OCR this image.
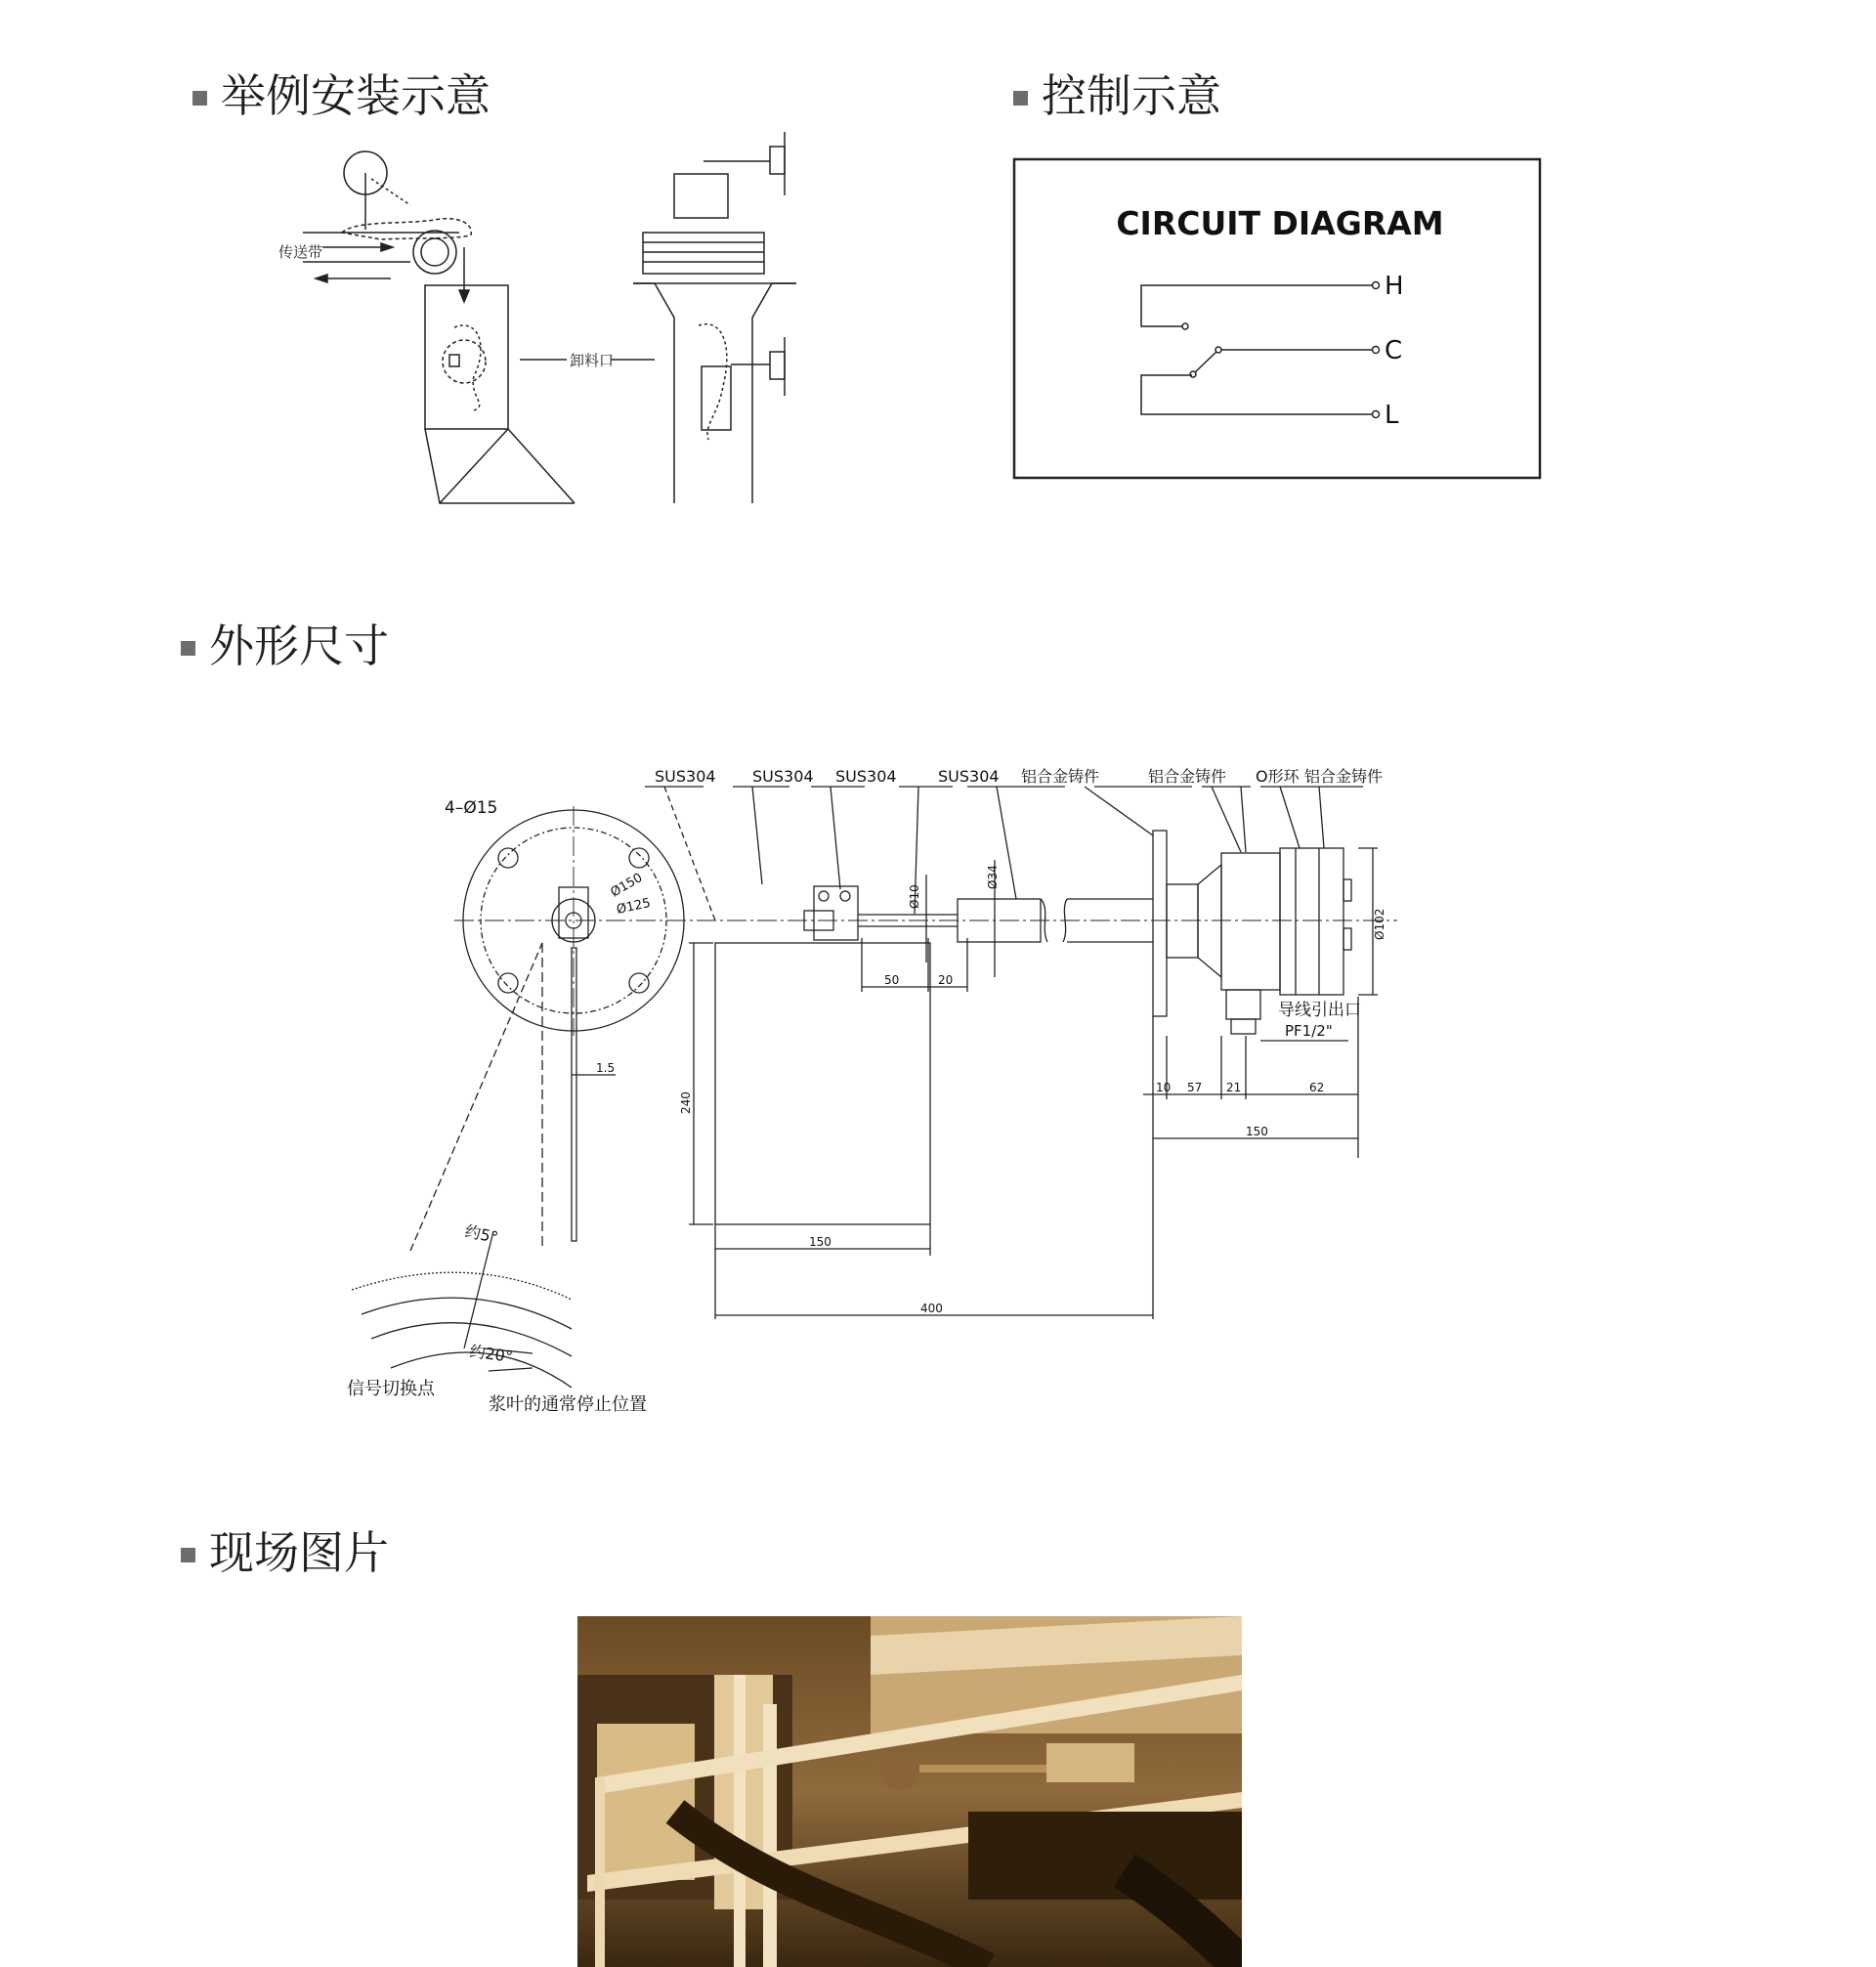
举例安装示意	控制示意
外形尺寸
现场图片
传送带
卸料口
CIRCUIT DIAGRAM
H
C
L
4–Ø15
Ø150
Ø125
SUS304 SUS304 SUS304	SUS304 铝合金铸件	铝合金铸件 O形环 铝合金铸件
Ø10
Ø34
Ø102
导线引出口
PF1/2"
1.5
50	20
240
150
400
10 57 21	62
150
约5°
约20°
信号切换点
浆叶的通常停止位置
